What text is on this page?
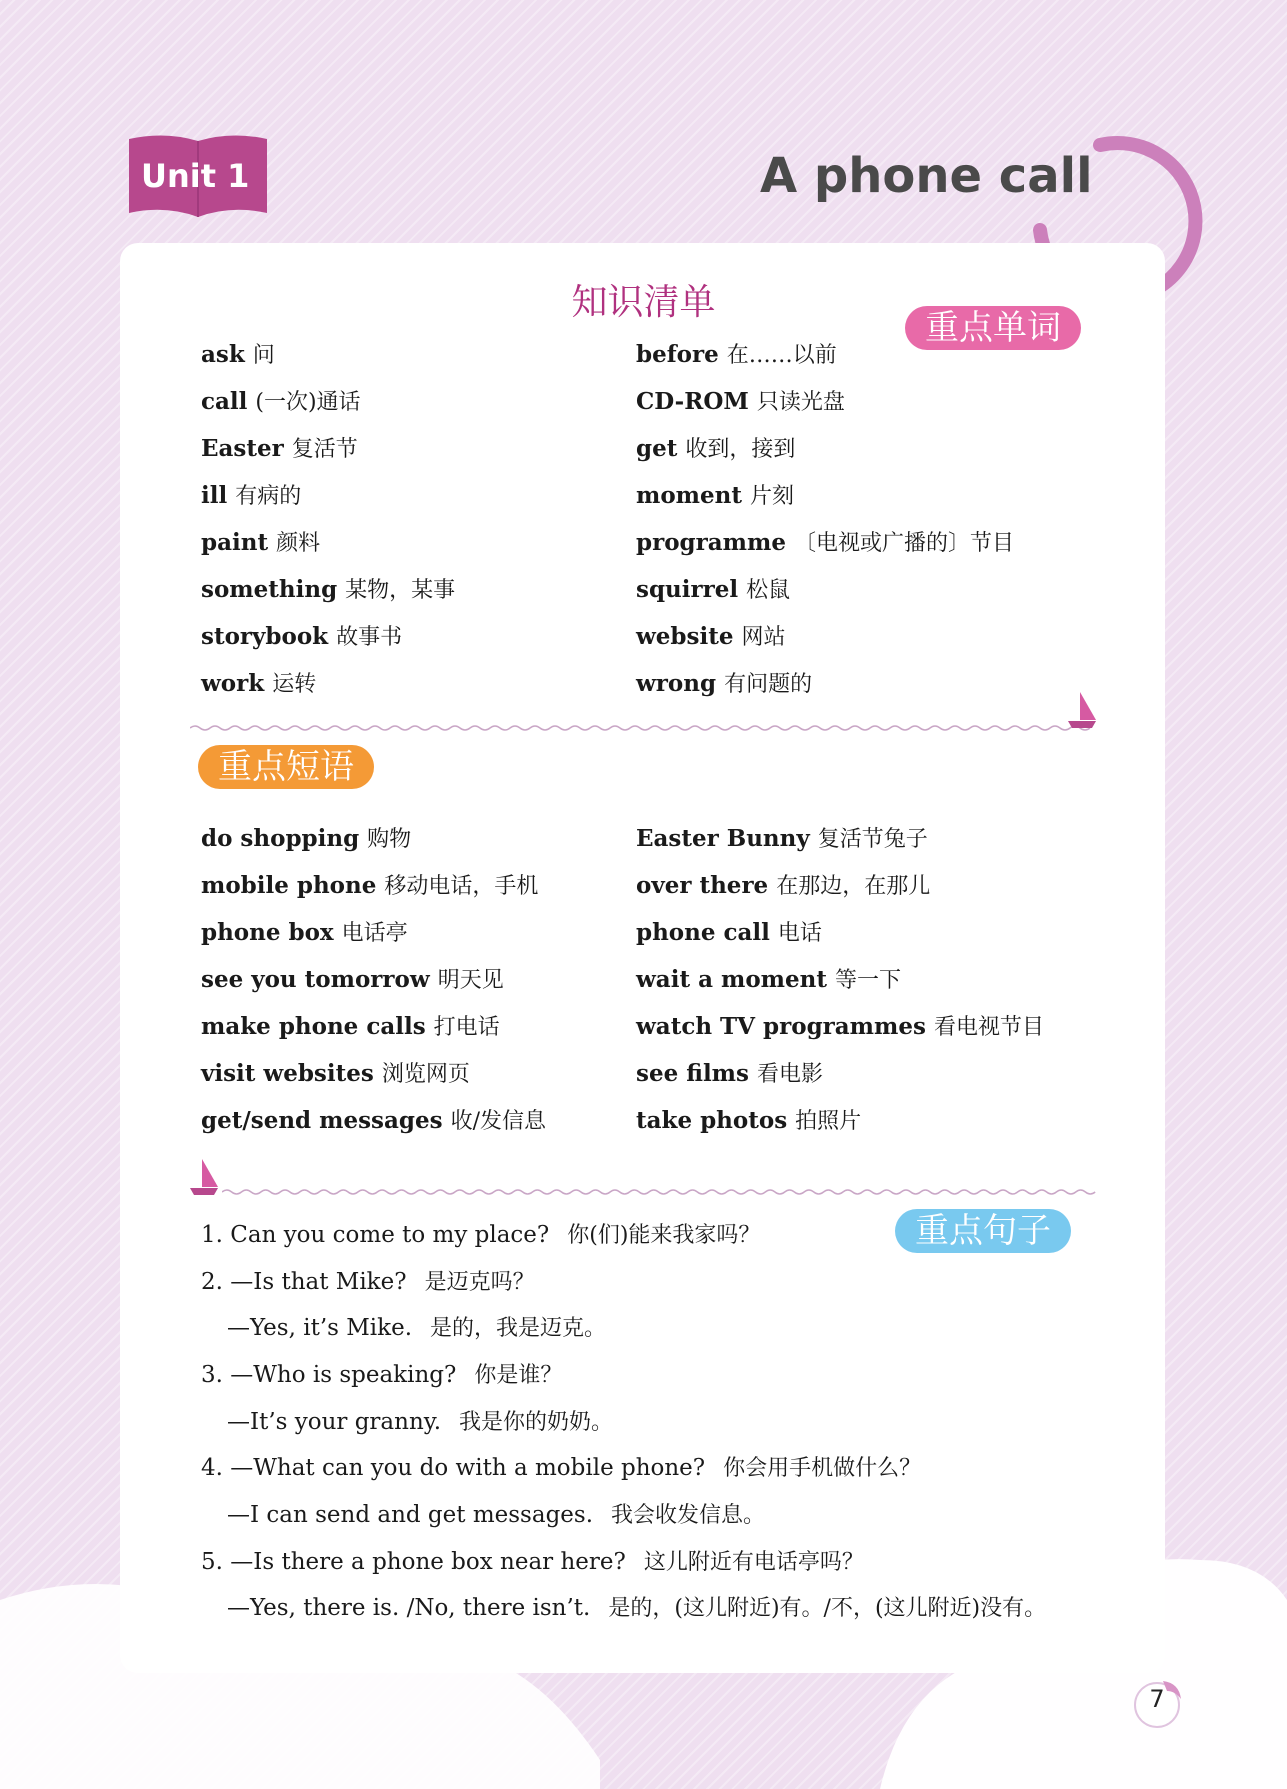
Unit 1	A phone call
知识清单
重点单词
ask 问	before 在……以前
call (一次)通话	CD-ROM 只读光盘
Easter 复活节	get 收到，接到
ill 有病的	moment 片刻
paint 颜料	programme 〔电视或广播的〕节目
something 某物，某事	squirrel 松鼠
storybook 故事书	website 网站
work 运转	wrong 有问题的
重点短语
do shopping 购物	Easter Bunny 复活节兔子
mobile phone 移动电话，手机	over there 在那边，在那儿
phone box 电话亭	phone call 电话
see you tomorrow 明天见	wait a moment 等一下
make phone calls 打电话	watch TV programmes 看电视节目
visit websites 浏览网页	see films 看电影
get/send messages 收/发信息	take photos 拍照片
重点句子
1. Can you come to my place? 你(们)能来我家吗？
2. —Is that Mike? 是迈克吗？
—Yes, it’s Mike. 是的，我是迈克。
3. —Who is speaking? 你是谁？
—It’s your granny. 我是你的奶奶。
4. —What can you do with a mobile phone? 你会用手机做什么？
—I can send and get messages. 我会收发信息。
5. —Is there a phone box near here? 这儿附近有电话亭吗？
—Yes, there is. /No, there isn’t. 是的，(这儿附近)有。/不，(这儿附近)没有。
7
